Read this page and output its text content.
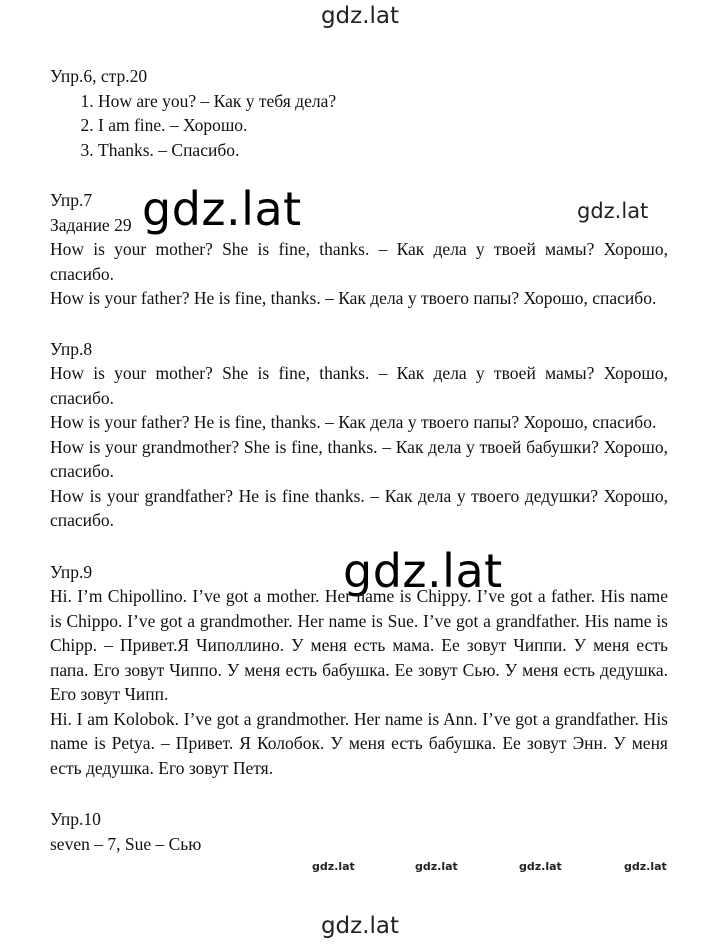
gdz.lat
gdz.lat	gdz.lat
gdz.lat
gdz.lat	gdz.lat	gdz.lat	gdz.lat
gdz.lat

Упр.6, стр.20

1. How are you? – Как у тебя дела?
2. I am fine. – Хорошо.
3. Thanks. – Спасибо.

Упр.7

Задание 29

How is your mother? She is fine, thanks. – Как дела у твоей мамы? Хорошо, спасибо.

How is your father? He is fine, thanks. – Как дела у твоего папы? Хорошо, спасибо.

Упр.8

How is your mother? She is fine, thanks. – Как дела у твоей мамы? Хорошо, спасибо.

How is your father? He is fine, thanks. – Как дела у твоего папы? Хорошо, спасибо.

How is your grandmother? She is fine, thanks. – Как дела у твоей бабушки? Хорошо, спасибо.

How is your grandfather? He is fine thanks. – Как дела у твоего дедушки? Хорошо, спасибо.

Упр.9

Hi. I’m Chipollino. I’ve got a mother. Her name is Chippy. I’ve got a father. His name is Chippo. I’ve got a grandmother. Her name is Sue. I’ve got a grandfather. His name is Chipp. – Привет.Я Чиполлино. У меня есть мама. Ее зовут Чиппи. У меня есть папа. Его зовут Чиппо. У меня есть бабушка. Ее зовут Сью. У меня есть дедушка. Его зовут Чипп.

Hi. I am Kolobok. I’ve got a grandmother. Her name is Ann. I’ve got a grandfather. His name is Petya. – Привет. Я Колобок. У меня есть бабушка. Ее зовут Энн. У меня есть дедушка. Его зовут Петя.

Упр.10

seven – 7, Sue – Сью
